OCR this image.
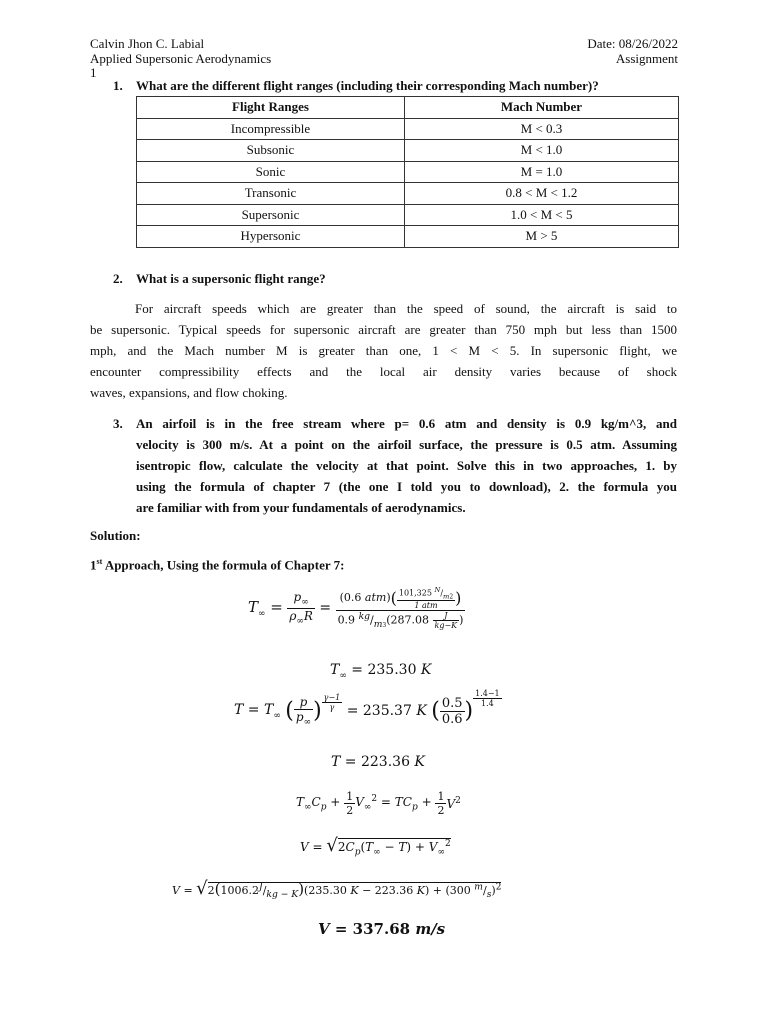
Calvin Jhon C. Labial
Applied Supersonic Aerodynamics
1
Date: 08/26/2022
Assignment
1. What are the different flight ranges (including their corresponding Mach number)?
Flight Ranges	Mach Number
Incompressible	M < 0.3
Subsonic	M < 1.0
Sonic	M = 1.0
Transonic	0.8 < M < 1.2
Supersonic	1.0 < M < 5
Hypersonic	M > 5
2. What is a supersonic flight range?
For aircraft speeds which are greater than the speed of sound, the aircraft is said to
be supersonic. Typical speeds for supersonic aircraft are greater than 750 mph but less than 1500
mph, and the Mach number M is greater than one, 1 < M < 5. In supersonic flight, we
encounter compressibility effects and the local air density varies because of shock
waves, expansions, and flow choking.
3. An airfoil is in the free stream where p= 0.6 atm and density is 0.9 kg/m^3, and
velocity is 300 m/s. At a point on the airfoil surface, the pressure is 0.5 atm. Assuming
isentropic flow, calculate the velocity at that point. Solve this in two approaches, 1. by
using the formula of chapter 7 (the one I told you to download), 2. the formula you
are familiar with from your fundamentals of aerodynamics.
Solution:
1st Approach, Using the formula of Chapter 7:
$T_\infty = \frac{p_\infty}{\rho_\infty R} = \frac{(0.6 atm)( \frac{101,325 ^N/_{m2}}{\text{1 atm}} )}{0.9 ^{kg}/_{m3}(287.08 \frac{J}{kg-K} )}$
$T_\infty = 235.30$ K
$T = T_\infty$ ( $\frac{p}{p_\infty}$ ) $\frac{\gamma-1}{\gamma} = 235.37$ K ( $\frac{0.5}{0.6}$ )
$\frac{1.4-1}{1.4}$
T = 223.36 K
$T_\infty C_p + \frac{1}{2} V_\infty^2 = TC_p + \frac{1}{2} V^2$
$V = √2C_p(T_\infty - T) + V_\infty^2$
$V = √2(1006.2^J/_{kg - K})(235.30$ K − 223.36 K) + (300 $^m/_s)^2$
V = 337.68 m/s
